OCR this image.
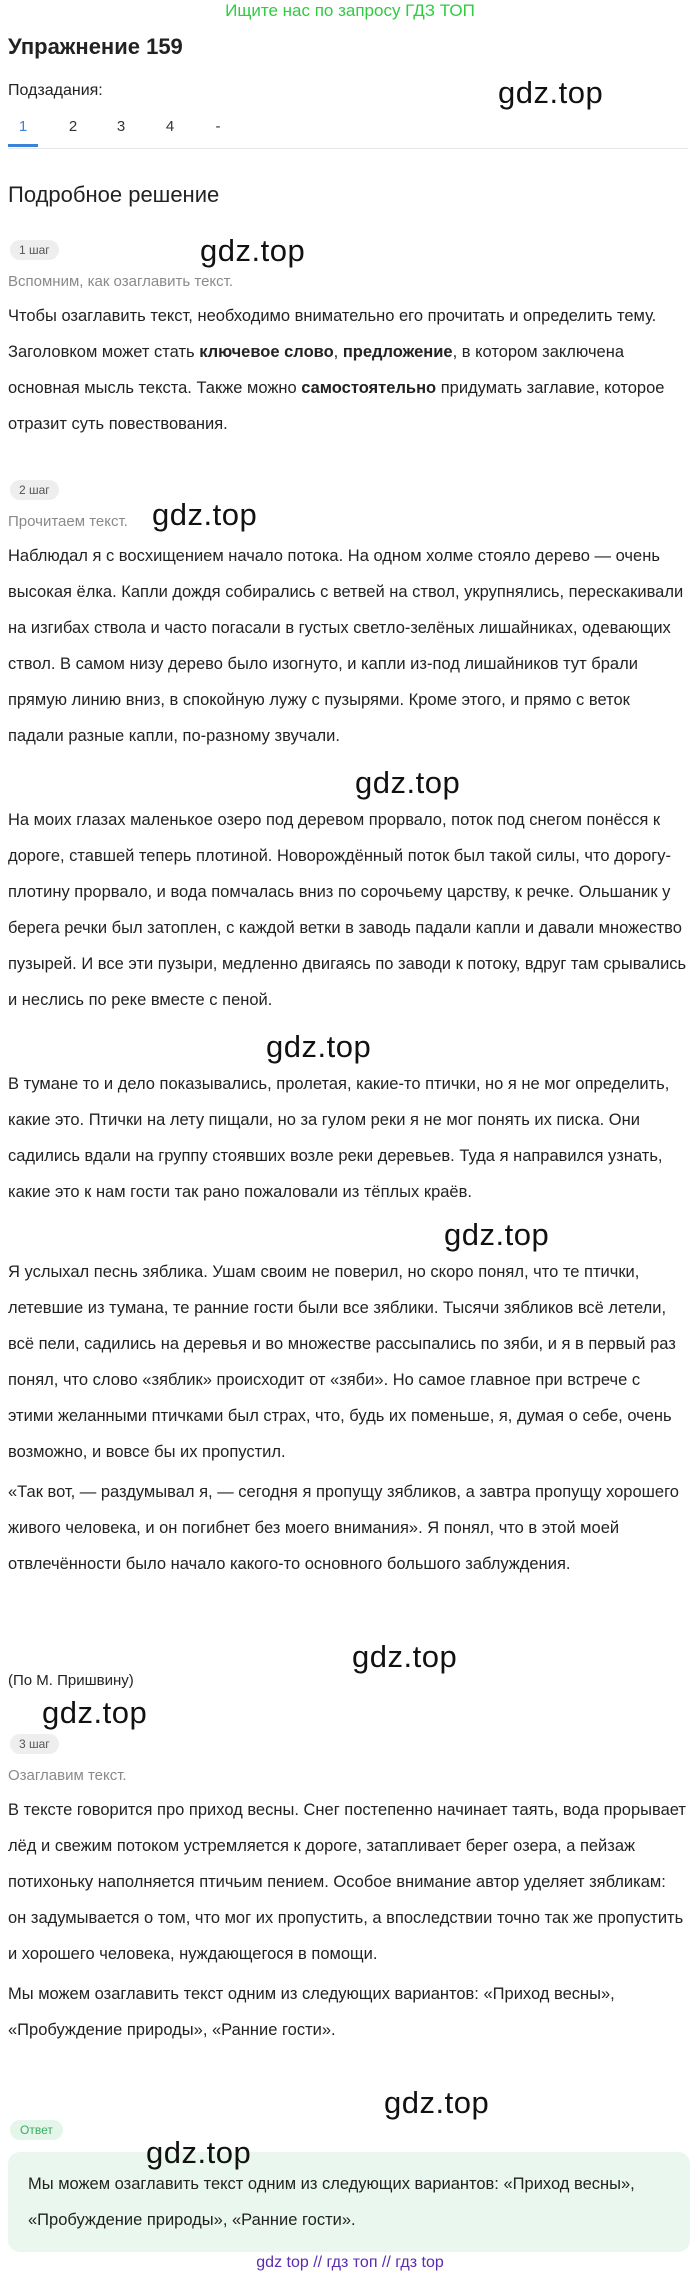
Ищите нас по запросу ГДЗ ТОП
Упражнение 159
gdz.top
Подзадания:
1	2	3	4	-
Подробное решение
1 шаг	gdz.top
Вспомним, как озаглавить текст.
Чтобы озаглавить текст, необходимо внимательно его прочитать и определить тему. Заголовком может стать ключевое слово, предложение, в котором заключена основная мысль текста. Также можно самостоятельно придумать заглавие, которое отразит суть повествования.
2 шаг
Прочитаем текст. gdz.top
Наблюдал я с восхищением начало потока. На одном холме стояло дерево — очень высокая ёлка. Капли дождя собирались с ветвей на ствол, укрупнялись, перескакивали на изгибах ствола и часто погасали в густых светло-зелёных лишайниках, одевающих ствол. В самом низу дерево было изогнуто, и капли из-под лишайников тут брали прямую линию вниз, в спокойную лужу с пузырями. Кроме этого, и прямо с веток падали разные капли, по-разному звучали.
gdz.top
На моих глазах маленькое озеро под деревом прорвало, поток под снегом понёсся к дороге, ставшей теперь плотиной. Новорождённый поток был такой силы, что дорогу-плотину прорвало, и вода помчалась вниз по сорочьему царству, к речке. Ольшаник у берега речки был затоплен, с каждой ветки в заводь падали капли и давали множество пузырей. И все эти пузыри, медленно двигаясь по заводи к потоку, вдруг там срывались и неслись по реке вместе с пеной.
gdz.top
В тумане то и дело показывались, пролетая, какие-то птички, но я не мог определить, какие это. Птички на лету пищали, но за гулом реки я не мог понять их писка. Они садились вдали на группу стоявших возле реки деревьев. Туда я направился узнать, какие это к нам гости так рано пожаловали из тёплых краёв.
gdz.top
Я услыхал песнь зяблика. Ушам своим не поверил, но скоро понял, что те птички, летевшие из тумана, те ранние гости были все зяблики. Тысячи зябликов всё летели, всё пели, садились на деревья и во множестве рассыпались по зяби, и я в первый раз понял, что слово «зяблик» происходит от «зяби». Но самое главное при встрече с этими желанными птичками был страх, что, будь их поменьше, я, думая о себе, очень возможно, и вовсе бы их пропустил.
«Так вот, — раздумывал я, — сегодня я пропущу зябликов, а завтра пропущу хорошего живого человека, и он погибнет без моего внимания». Я понял, что в этой моей отвлечённости было начало какого-то основного большого заблуждения.
gdz.top
(По М. Пришвину)
gdz.top
3 шаг
Озаглавим текст.
В тексте говорится про приход весны. Снег постепенно начинает таять, вода прорывает лёд и свежим потоком устремляется к дороге, затапливает берег озера, а пейзаж потихоньку наполняется птичьим пением. Особое внимание автор уделяет зябликам: он задумывается о том, что мог их пропустить, а впоследствии точно так же пропустить и хорошего человека, нуждающегося в помощи.
Мы можем озаглавить текст одним из следующих вариантов: «Приход весны», «Пробуждение природы», «Ранние гости».
gdz.top
Ответ
Мы можем озаглавить текст одним из следующих вариантов: «Приход весны», «Пробуждение природы», «Ранние гости».
gdz.top
gdz top // гдз топ // гдз top
